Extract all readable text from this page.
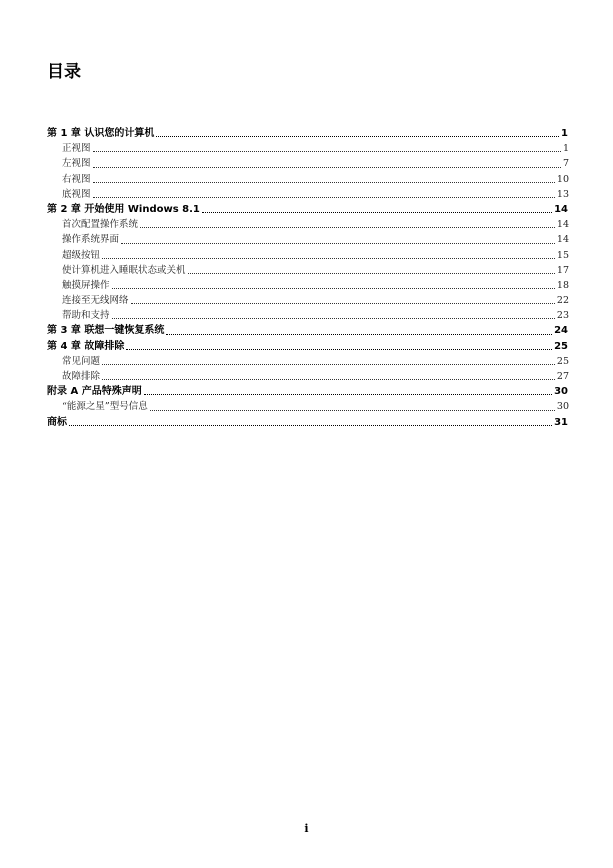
目录
第 1 章 认识您的计算机	1
正视图	1
左视图	7
右视图	10
底视图	13
第 2 章 开始使用 Windows 8.1	14
首次配置操作系统	14
操作系统界面	14
超级按钮	15
使计算机进入睡眠状态或关机	17
触摸屏操作	18
连接至无线网络	22
帮助和支持	23
第 3 章 联想一键恢复系统	24
第 4 章 故障排除	25
常见问题	25
故障排除	27
附录 A 产品特殊声明	30
“能源之星”型号信息	30
商标	31
i
